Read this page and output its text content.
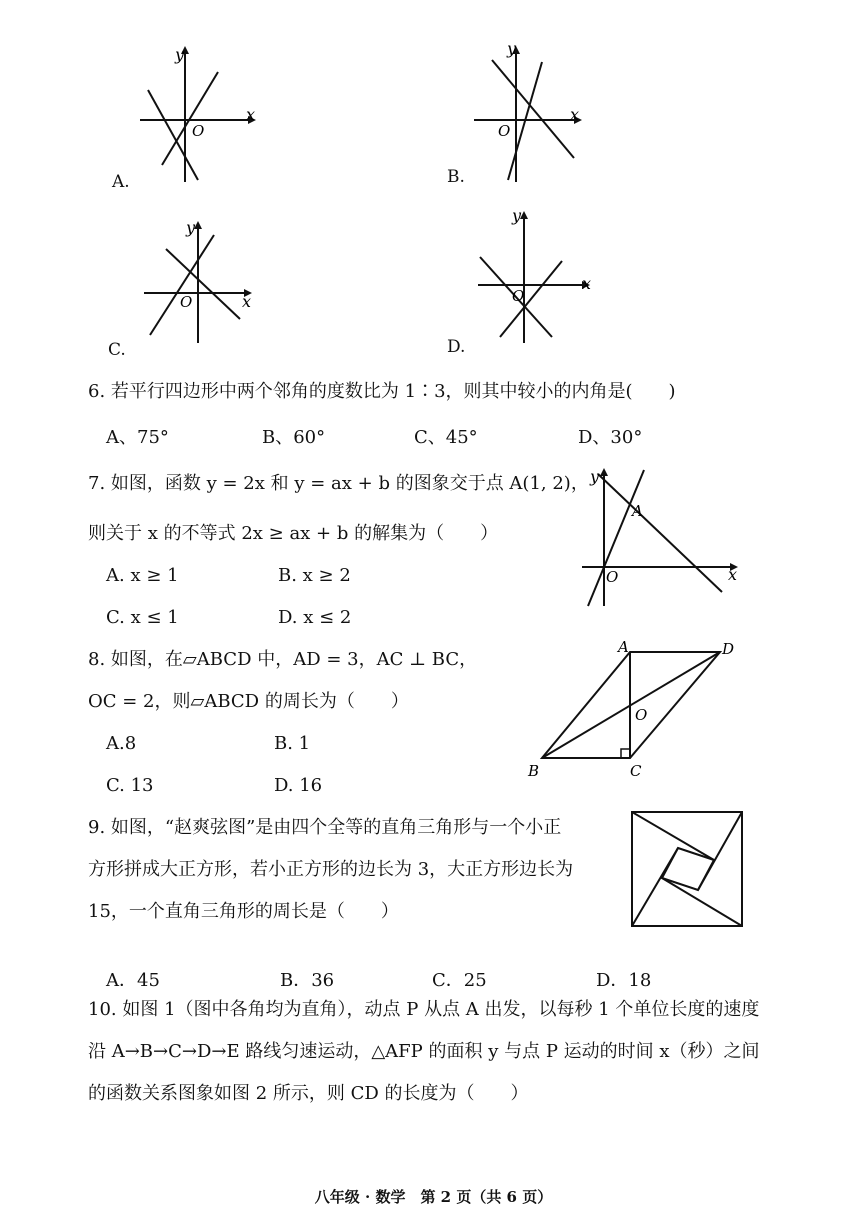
x
y
O
A.
x
y
O
B.
x
y
O
C.
x
y
O
D.
6. 若平行四边形中两个邻角的度数比为 1∶3，则其中较小的内角是(　　)
A、75°	B、60°	C、45°	D、30°
7. 如图，函数 y = 2x 和 y = ax + b 的图象交于点 A(1, 2)，
则关于 x 的不等式 2x ≥ ax + b 的解集为（　　）
A. x ≥ 1	B. x ≥ 2
C. x ≤ 1	D. x ≤ 2
y
A
O	x
8. 如图，在▱ABCD 中，AD = 3，AC ⊥ BC，
OC = 2，则▱ABCD 的周长为（　　）
A.8	B. 1
C. 13	D. 16
A	D
O
B	C
9. 如图，“赵爽弦图”是由四个全等的直角三角形与一个小正
方形拼成大正方形，若小正方形的边长为 3，大正方形边长为
15，一个直角三角形的周长是（　　）
A．45	B．36	C．25	D．18
10. 如图 1（图中各角均为直角），动点 P 从点 A 出发，以每秒 1 个单位长度的速度
沿 A→B→C→D→E 路线匀速运动，△AFP 的面积 y 与点 P 运动的时间 x（秒）之间
的函数关系图象如图 2 所示，则 CD 的长度为（　　）
八年级 · 数学　第 2 页（共 6 页）
